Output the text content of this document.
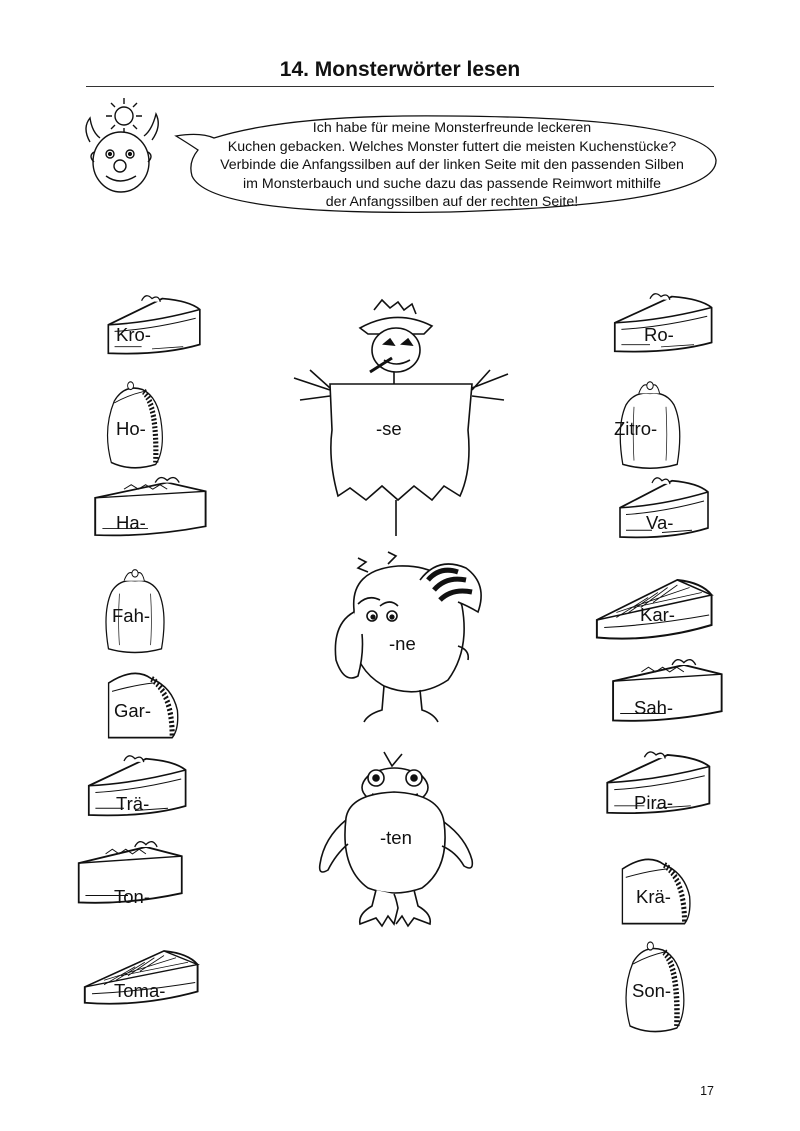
14. Monsterwörter lesen
Ich habe für meine Monsterfreunde leckeren
Kuchen gebacken. Welches Monster futtert die meisten Kuchenstücke?
Verbinde die Anfangssilben auf der linken Seite mit den passenden Silben
im Monsterbauch und suche dazu das passende Reimwort mithilfe
der Anfangssilben auf der rechten Seite!
Kro-
Ho-
Ha-
Fah-
Gar-
Trä-
Ton-
Toma-
Ro-
Zitro-
Va-
Kar-
Sah-
Pira-
Krä-
Son-
-se
-ne
-ten
17
